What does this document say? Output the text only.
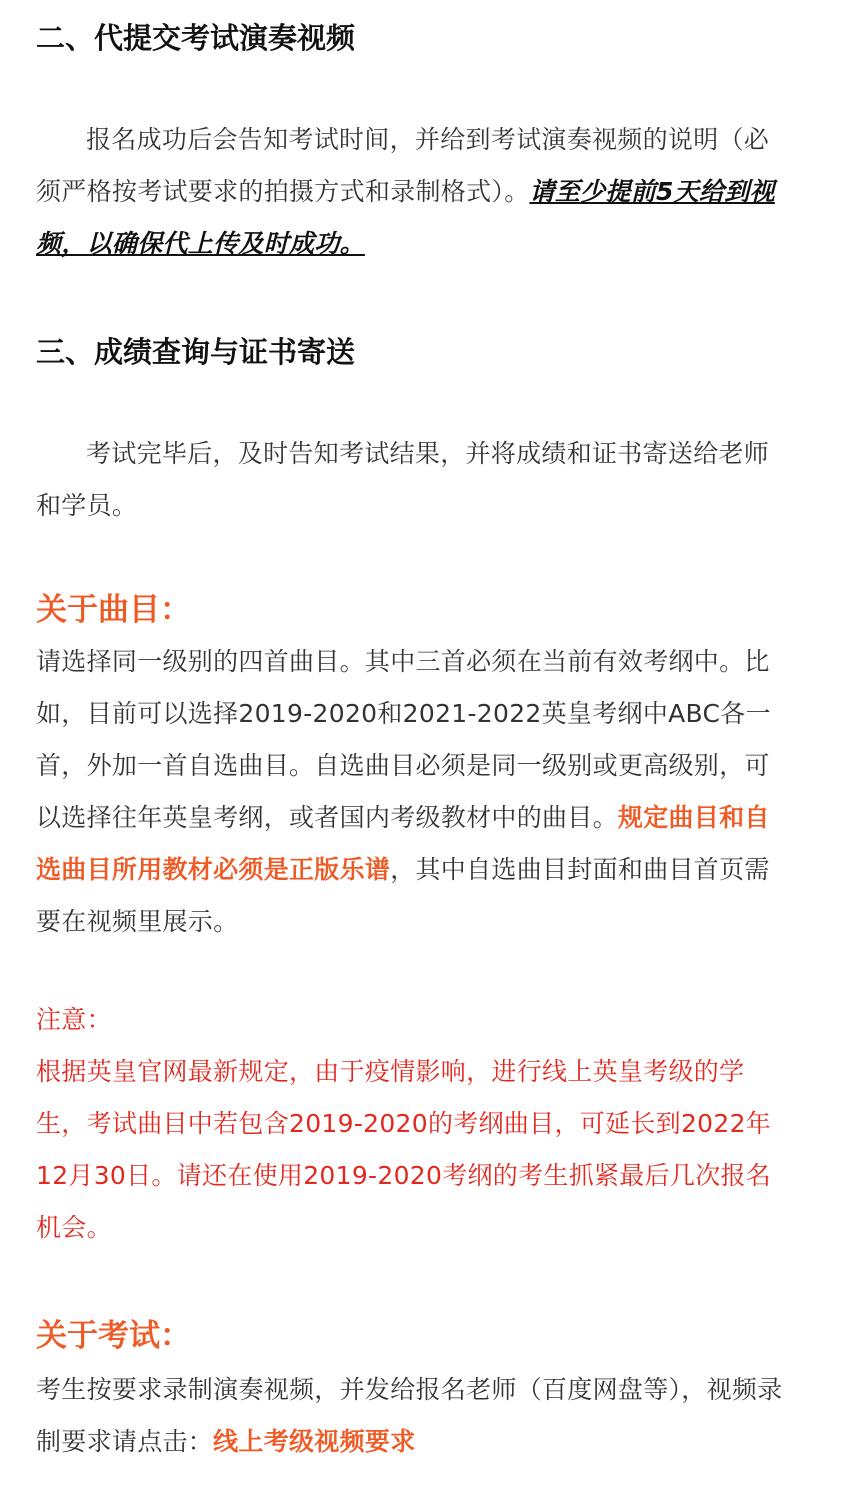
二、代提交考试演奏视频

报名成功后会告知考试时间，并给到考试演奏视频的说明（必须严格按考试要求的拍摄方式和录制格式）。请至少提前5天给到视频，以确保代上传及时成功。

三、成绩查询与证书寄送

考试完毕后，及时告知考试结果，并将成绩和证书寄送给老师和学员。

关于曲目：

请选择同一级别的四首曲目。其中三首必须在当前有效考纲中。比如，目前可以选择2019-2020和2021-2022英皇考纲中ABC各一首，外加一首自选曲目。自选曲目必须是同一级别或更高级别，可以选择往年英皇考纲，或者国内考级教材中的曲目。规定曲目和自选曲目所用教材必须是正版乐谱，其中自选曲目封面和曲目首页需要在视频里展示。

注意：

根据英皇官网最新规定，由于疫情影响，进行线上英皇考级的学生，考试曲目中若包含2019-2020的考纲曲目，可延长到2022年12月30日。请还在使用2019-2020考纲的考生抓紧最后几次报名机会。

关于考试：

考生按要求录制演奏视频，并发给报名老师（百度网盘等），视频录制要求请点击：线上考级视频要求
